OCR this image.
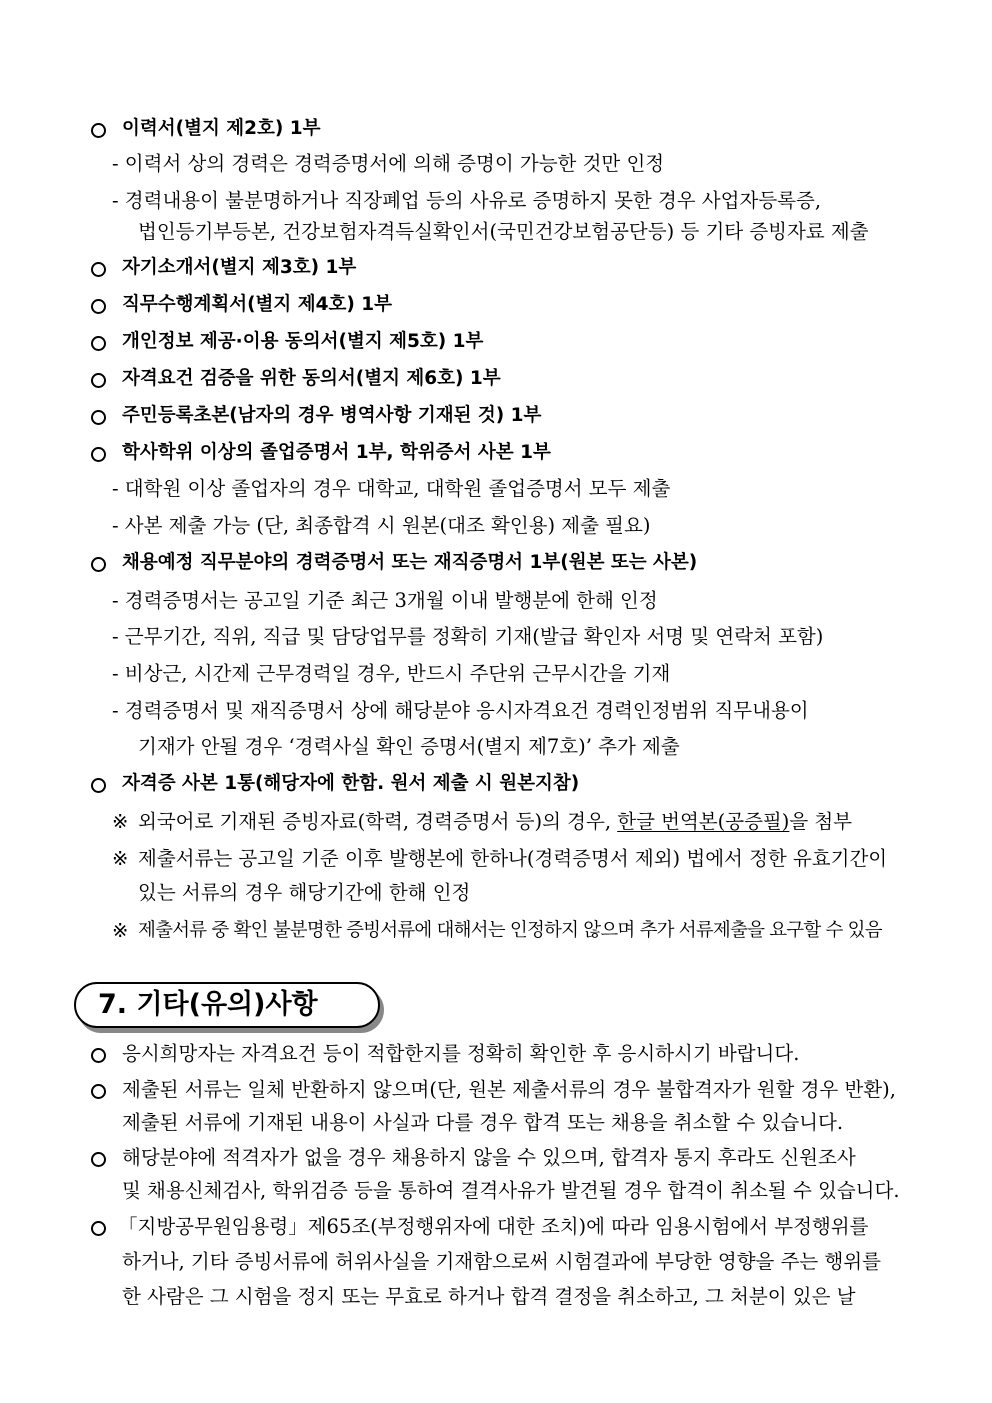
이력서(별지 제2호) 1부
- 이력서 상의 경력은 경력증명서에 의해 증명이 가능한 것만 인정
- 경력내용이 불분명하거나 직장폐업 등의 사유로 증명하지 못한 경우 사업자등록증,
법인등기부등본, 건강보험자격득실확인서(국민건강보험공단등) 등 기타 증빙자료 제출
자기소개서(별지 제3호) 1부
직무수행계획서(별지 제4호) 1부
개인정보 제공·이용 동의서(별지 제5호) 1부
자격요건 검증을 위한 동의서(별지 제6호) 1부
주민등록초본(남자의 경우 병역사항 기재된 것) 1부
학사학위 이상의 졸업증명서 1부, 학위증서 사본 1부
- 대학원 이상 졸업자의 경우 대학교, 대학원 졸업증명서 모두 제출
- 사본 제출 가능 (단, 최종합격 시 원본(대조 확인용) 제출 필요)
채용예정 직무분야의 경력증명서 또는 재직증명서 1부(원본 또는 사본)
- 경력증명서는 공고일 기준 최근 3개월 이내 발행분에 한해 인정
- 근무기간, 직위, 직급 및 담당업무를 정확히 기재(발급 확인자 서명 및 연락처 포함)
- 비상근, 시간제 근무경력일 경우, 반드시 주단위 근무시간을 기재
- 경력증명서 및 재직증명서 상에 해당분야 응시자격요건 경력인정범위 직무내용이
기재가 안될 경우 ‘경력사실 확인 증명서(별지 제7호)’ 추가 제출
자격증 사본 1통(해당자에 한함. 원서 제출 시 원본지참)
※ 외국어로 기재된 증빙자료(학력, 경력증명서 등)의 경우, 한글 번역본(공증필)을 첨부
※ 제출서류는 공고일 기준 이후 발행본에 한하나(경력증명서 제외) 법에서 정한 유효기간이
있는 서류의 경우 해당기간에 한해 인정
※ 제출서류 중 확인 불분명한 증빙서류에 대해서는 인정하지 않으며 추가 서류제출을 요구할 수 있음
7. 기타(유의)사항
응시희망자는 자격요건 등이 적합한지를 정확히 확인한 후 응시하시기 바랍니다.
제출된 서류는 일체 반환하지 않으며(단, 원본 제출서류의 경우 불합격자가 원할 경우 반환),
제출된 서류에 기재된 내용이 사실과 다를 경우 합격 또는 채용을 취소할 수 있습니다.
해당분야에 적격자가 없을 경우 채용하지 않을 수 있으며, 합격자 통지 후라도 신원조사
및 채용신체검사, 학위검증 등을 통하여 결격사유가 발견될 경우 합격이 취소될 수 있습니다.
「지방공무원임용령」제65조(부정행위자에 대한 조치)에 따라 임용시험에서 부정행위를
하거나, 기타 증빙서류에 허위사실을 기재함으로써 시험결과에 부당한 영향을 주는 행위를
한 사람은 그 시험을 정지 또는 무효로 하거나 합격 결정을 취소하고, 그 처분이 있은 날
